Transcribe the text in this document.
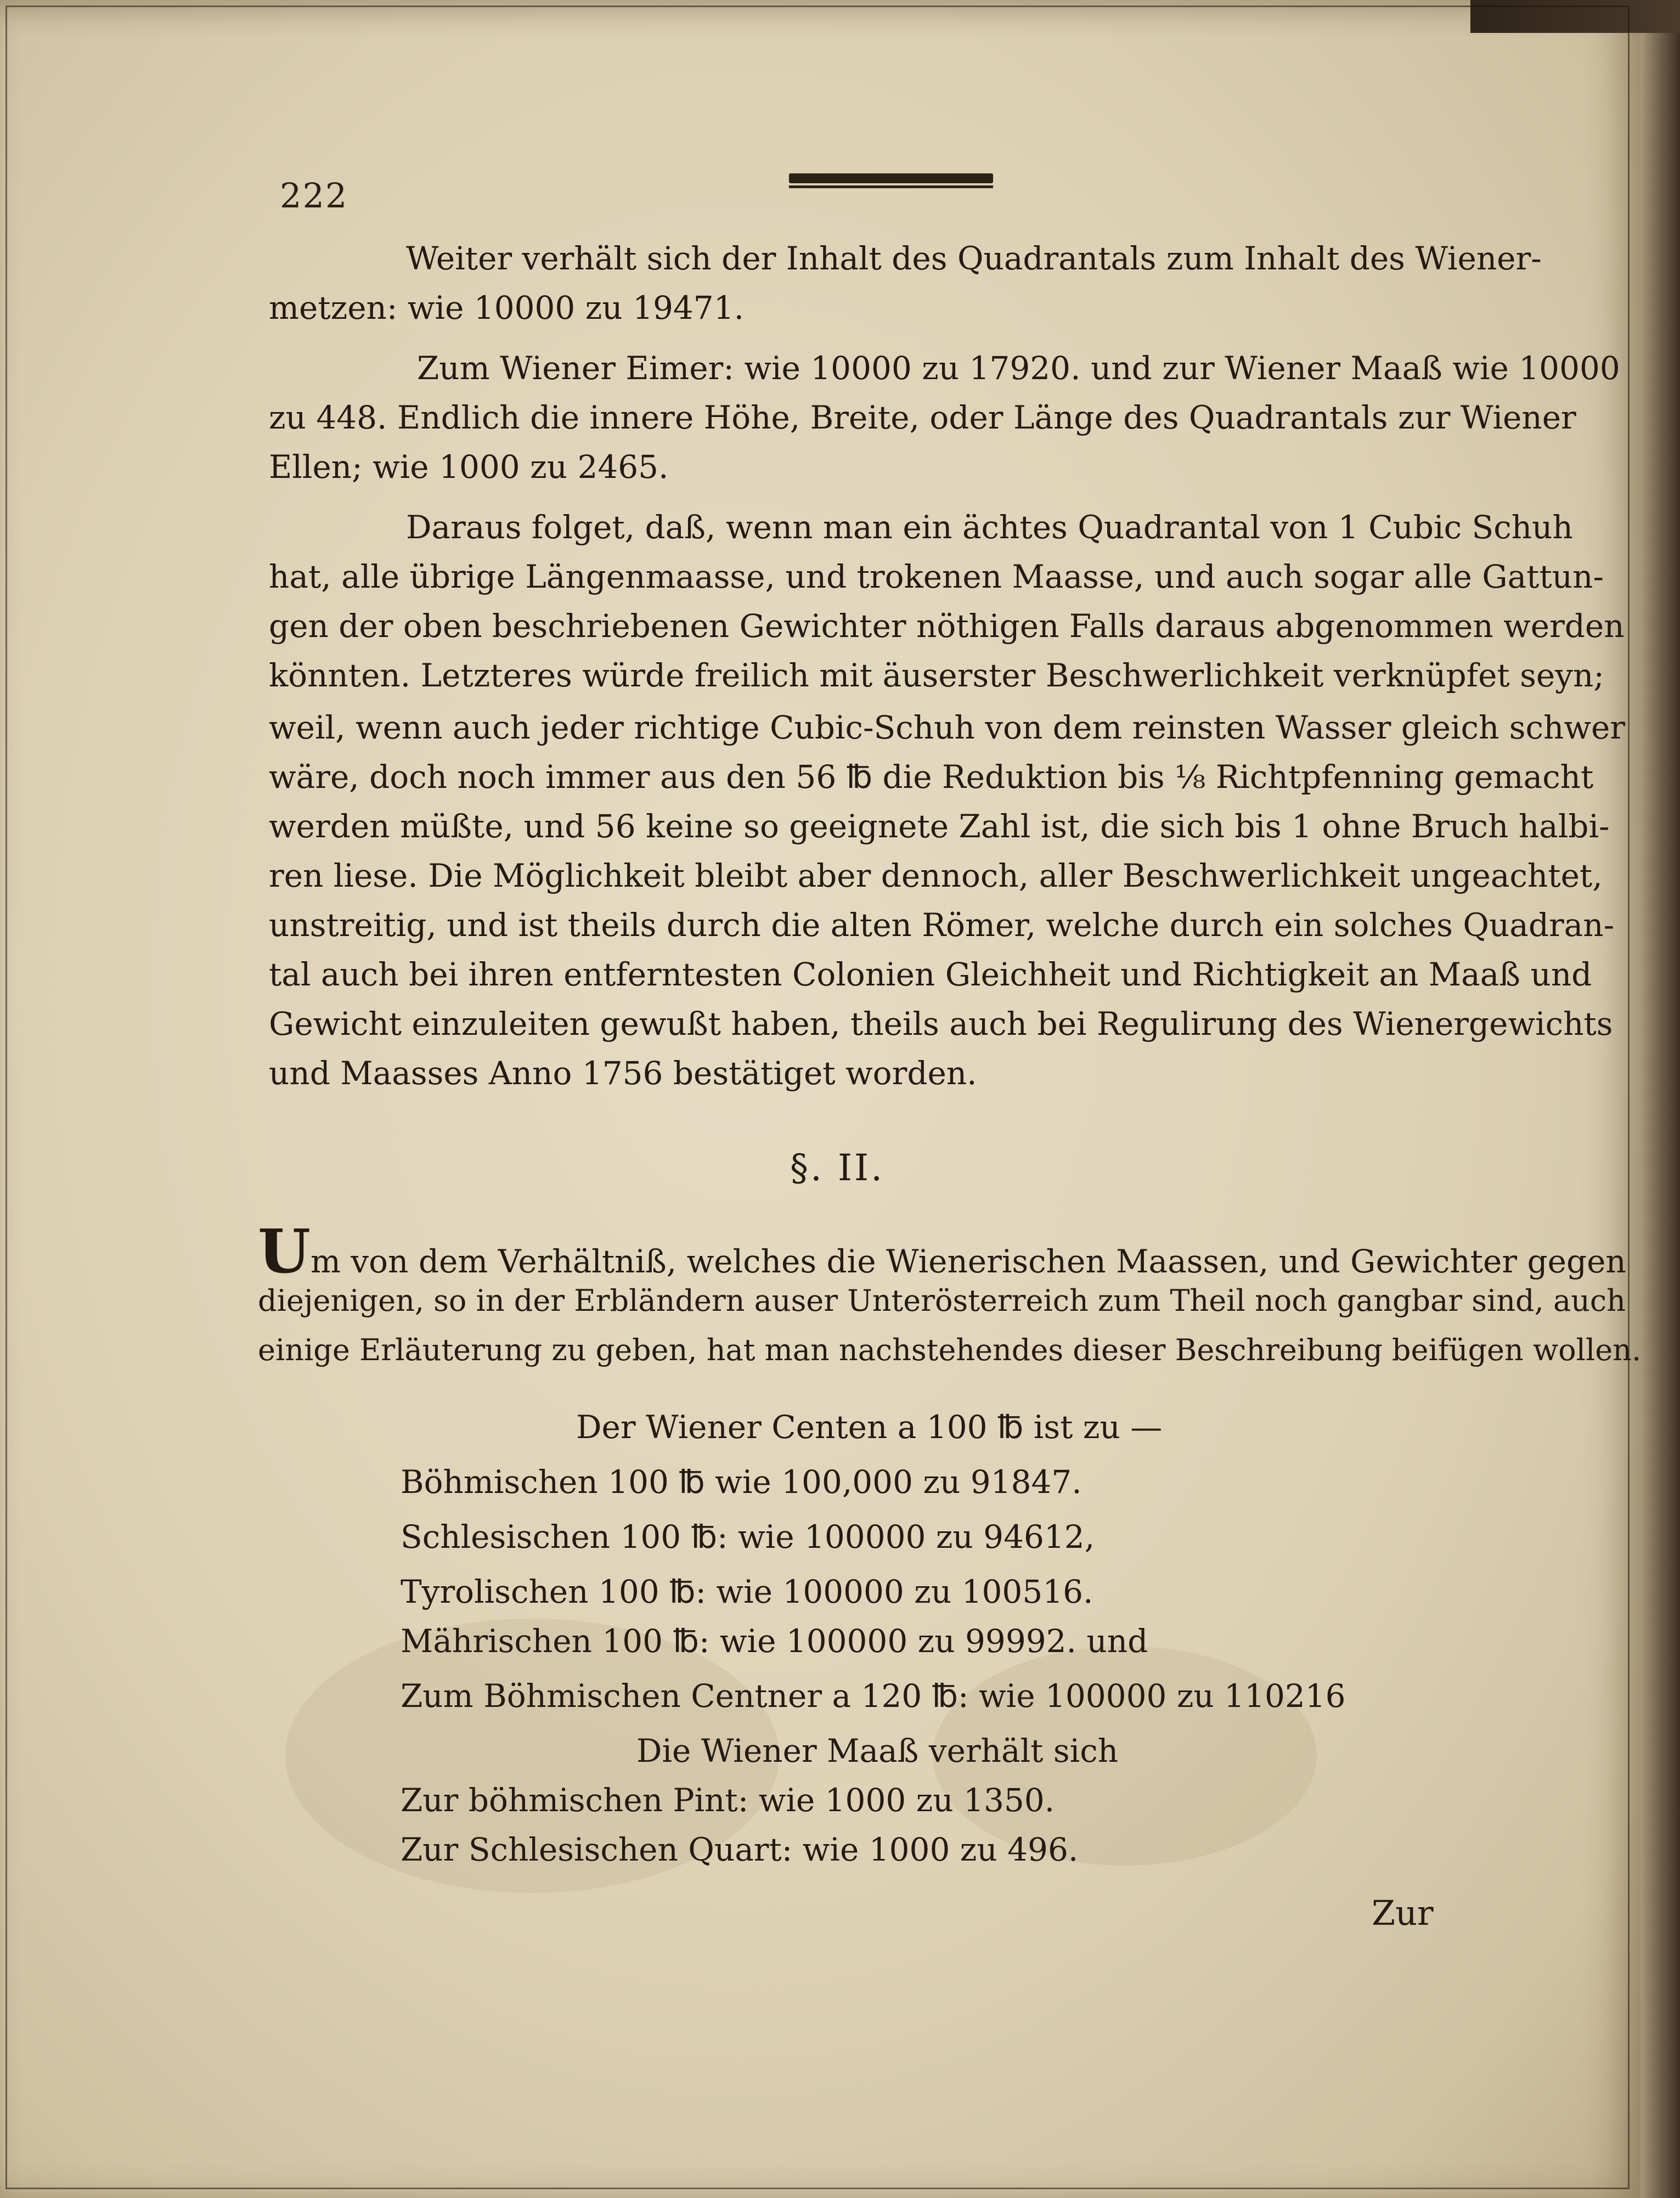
222
Weiter verhält sich der Inhalt des Quadrantals zum Inhalt des Wiener-
metzen: wie 10000 zu 19471.
Zum Wiener Eimer: wie 10000 zu 17920. und zur Wiener Maaß wie 10000
zu 448. Endlich die innere Höhe, Breite, oder Länge des Quadrantals zur Wiener
Ellen; wie 1000 zu 2465.
Daraus folget, daß, wenn man ein ächtes Quadrantal von 1 Cubic Schuh
hat, alle übrige Längenmaasse, und trokenen Maasse, und auch sogar alle Gattun-
gen der oben beschriebenen Gewichter nöthigen Falls daraus abgenommen werden
könnten. Letzteres würde freilich mit äuserster Beschwerlichkeit verknüpfet seyn;
weil, wenn auch jeder richtige Cubic-Schuh von dem reinsten Wasser gleich schwer
wäre, doch noch immer aus den 56 ℔ die Reduktion bis ⅛ Richtpfenning gemacht
werden müßte, und 56 keine so geeignete Zahl ist, die sich bis 1 ohne Bruch halbi-
ren liese. Die Möglichkeit bleibt aber dennoch, aller Beschwerlichkeit ungeachtet,
unstreitig, und ist theils durch die alten Römer, welche durch ein solches Quadran-
tal auch bei ihren entferntesten Colonien Gleichheit und Richtigkeit an Maaß und
Gewicht einzuleiten gewußt haben, theils auch bei Regulirung des Wienergewichts
und Maasses Anno 1756 bestätiget worden.
§. II.
Um von dem Verhältniß, welches die Wienerischen Maassen, und Gewichter gegen
diejenigen, so in der Erbländern auser Unterösterreich zum Theil noch gangbar sind, auch
einige Erläuterung zu geben, hat man nachstehendes dieser Beschreibung beifügen wollen.
Der Wiener Centen a 100 ℔ ist zu —
Böhmischen 100 ℔ wie 100,000 zu 91847.
Schlesischen 100 ℔: wie 100000 zu 94612,
Tyrolischen 100 ℔: wie 100000 zu 100516.
Mährischen 100 ℔: wie 100000 zu 99992. und
Zum Böhmischen Centner a 120 ℔: wie 100000 zu 110216
Die Wiener Maaß verhält sich
Zur böhmischen Pint: wie 1000 zu 1350.
Zur Schlesischen Quart: wie 1000 zu 496.
Zur
